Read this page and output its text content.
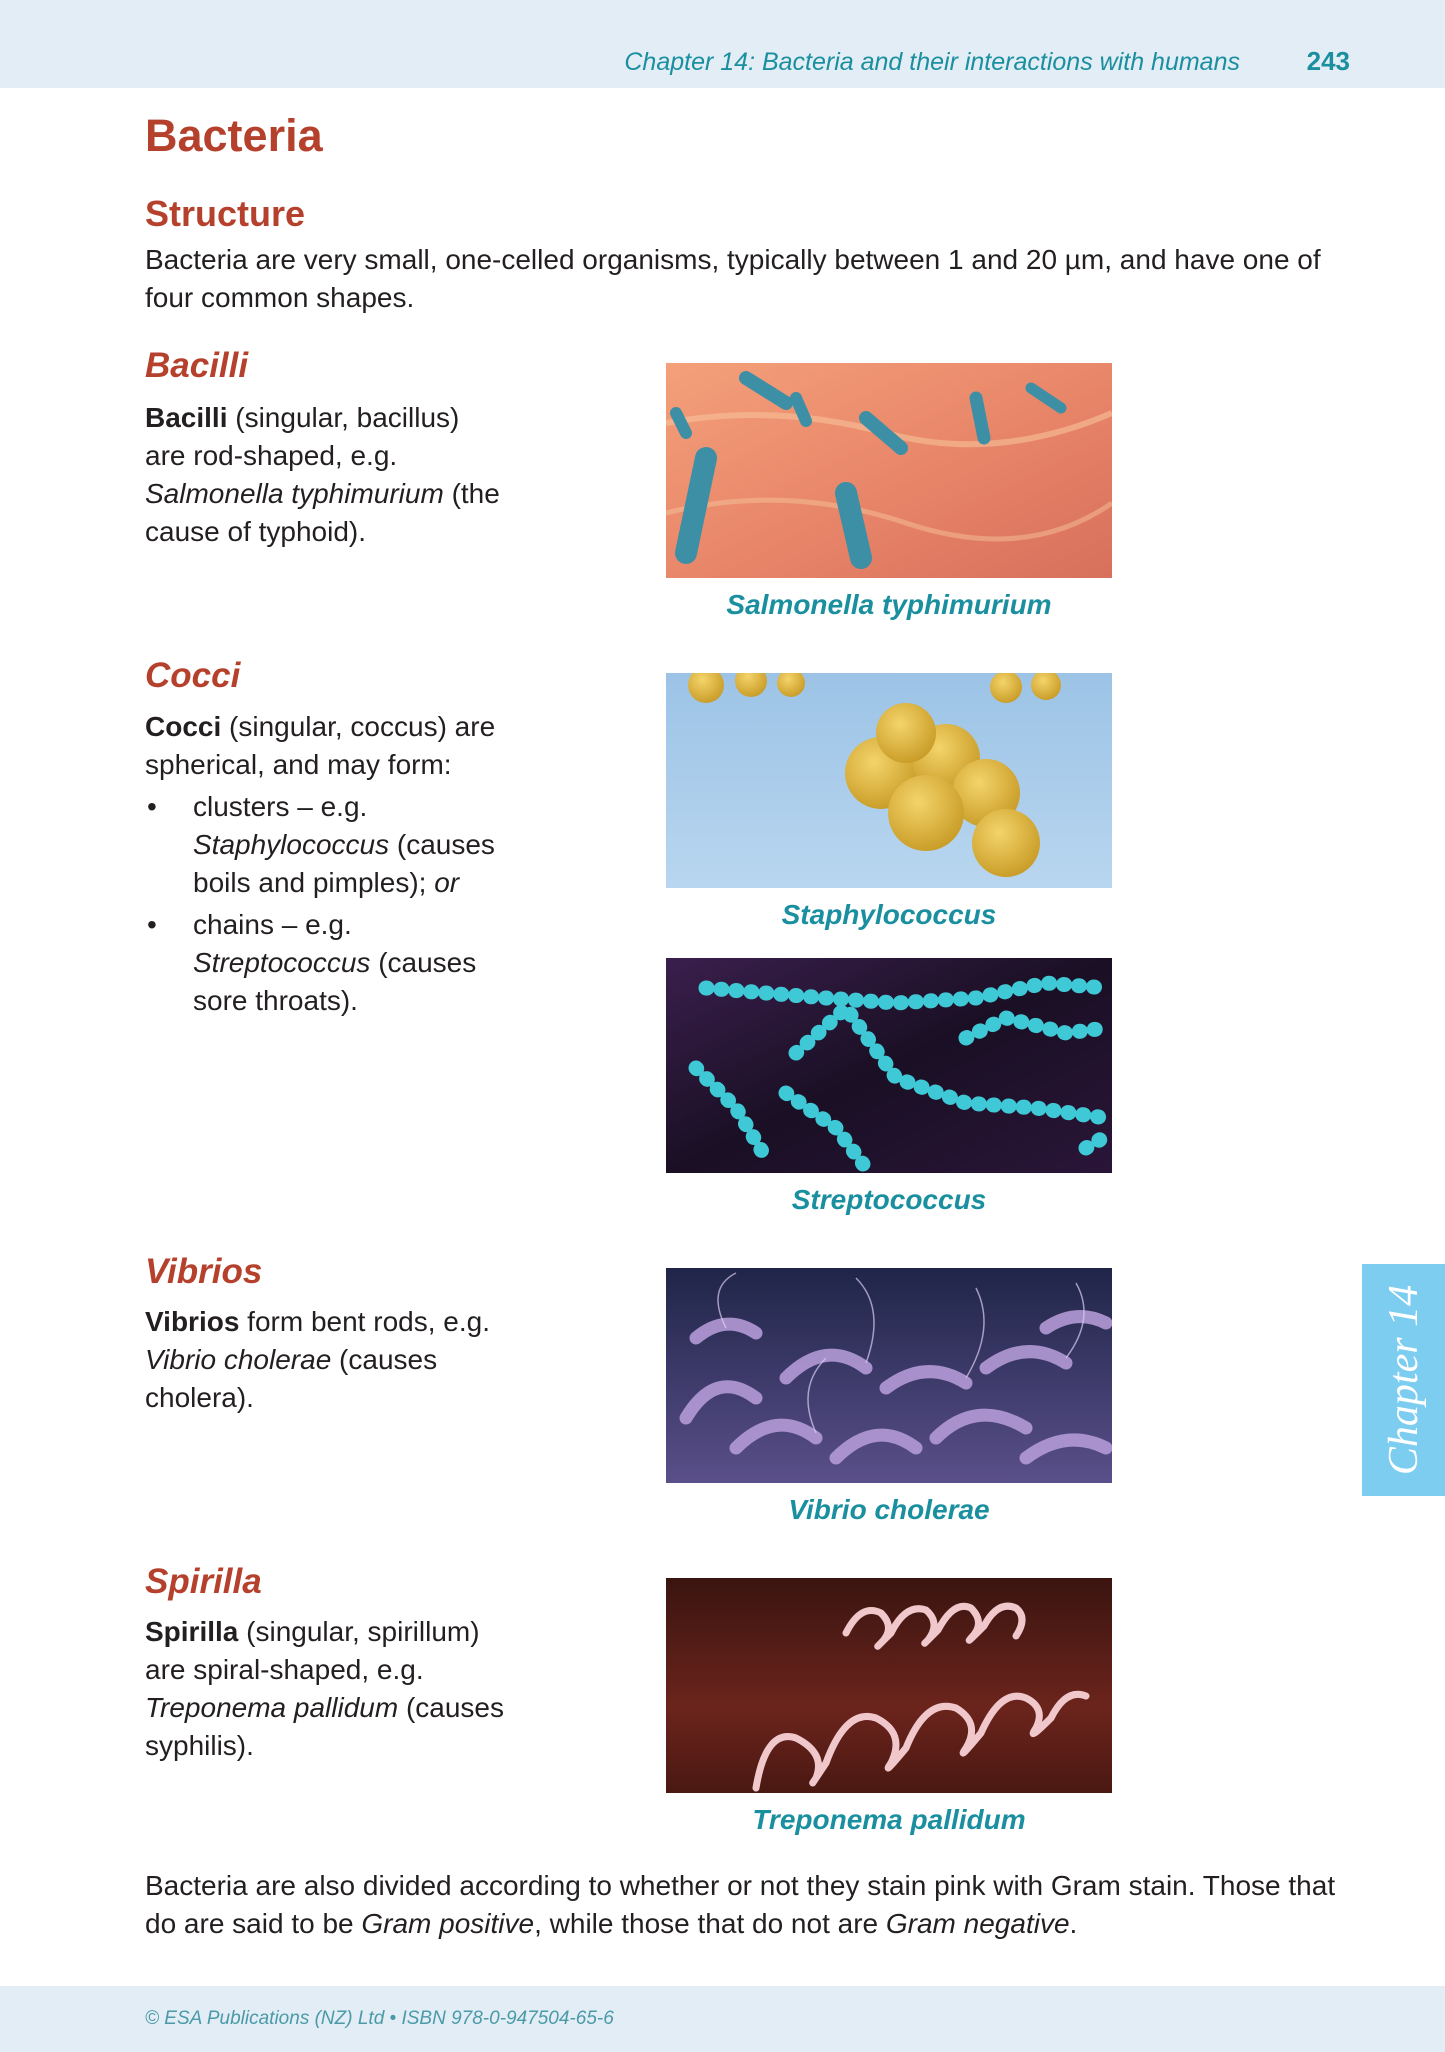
Chapter 14: Bacteria and their interactions with humans	243
Chapter 14
Bacteria
Structure
Bacteria are very small, one-celled organisms, typically between 1 and 20 µm, and have one of four common shapes.
Bacilli
Bacilli (singular, bacillus) are rod-shaped, e.g. Salmonella typhimurium (the cause of typhoid).
Salmonella typhimurium
Cocci
Cocci (singular, coccus) are spherical, and may form:
• clusters – e.g. Staphylococcus (causes boils and pimples); or
• chains – e.g. Streptococcus (causes sore throats).
Staphylococcus
Streptococcus
Vibrios
Vibrios form bent rods, e.g. Vibrio cholerae (causes cholera).
Vibrio cholerae
Spirilla
Spirilla (singular, spirillum) are spiral-shaped, e.g. Treponema pallidum (causes syphilis).
Treponema pallidum
Bacteria are also divided according to whether or not they stain pink with Gram stain. Those that do are said to be Gram positive, while those that do not are Gram negative.
© ESA Publications (NZ) Ltd • ISBN 978-0-947504-65-6
